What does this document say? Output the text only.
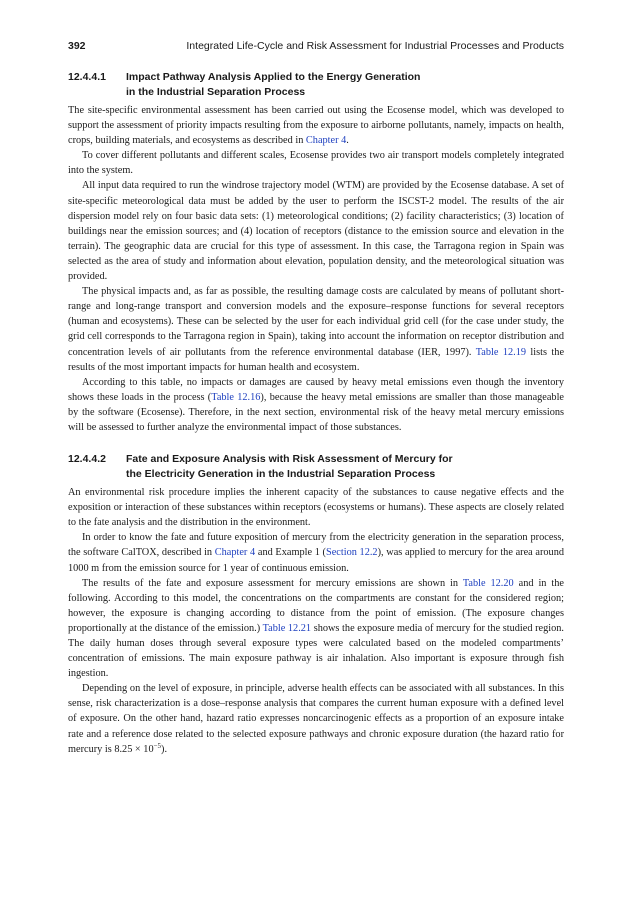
392	Integrated Life-Cycle and Risk Assessment for Industrial Processes and Products
12.4.4.1	Impact Pathway Analysis Applied to the Energy Generation
in the Industrial Separation Process

The site-specific environmental assessment has been carried out using the Ecosense model, which was developed to support the assessment of priority impacts resulting from the exposure to airborne pollutants, namely, impacts on health, crops, building materials, and ecosystems as described in Chapter 4.

To cover different pollutants and different scales, Ecosense provides two air transport models completely integrated into the system.

All input data required to run the windrose trajectory model (WTM) are provided by the Ecosense database. A set of site-specific meteorological data must be added by the user to perform the ISCST-2 model. The results of the air dispersion model rely on four basic data sets: (1) meteorological conditions; (2) facility characteristics; (3) location of buildings near the emission sources; and (4) location of receptors (distance to the emission source and elevation in the terrain). The geographic data are crucial for this type of assessment. In this case, the Tarragona region in Spain was selected as the area of study and information about elevation, population density, and the meteorological situation was provided.

The physical impacts and, as far as possible, the resulting damage costs are calculated by means of pollutant short-range and long-range transport and conversion models and the exposure–response functions for several receptors (human and ecosystems). These can be selected by the user for each individual grid cell (for the case under study, the grid cell corresponds to the Tarragona region in Spain), taking into account the information on receptor distribution and concentration levels of air pollutants from the reference environmental database (IER, 1997). Table 12.19 lists the results of the most important impacts for human health and ecosystem.

According to this table, no impacts or damages are caused by heavy metal emissions even though the inventory shows these loads in the process (Table 12.16), because the heavy metal emissions are smaller than those manageable by the software (Ecosense). Therefore, in the next section, environmental risk of the heavy metal mercury emissions will be assessed to further analyze the environmental impact of those substances.

12.4.4.2	Fate and Exposure Analysis with Risk Assessment of Mercury for
the Electricity Generation in the Industrial Separation Process

An environmental risk procedure implies the inherent capacity of the substances to cause negative effects and the exposition or interaction of these substances within receptors (ecosystems or humans). These aspects are closely related to the fate analysis and the distribution in the environment.

In order to know the fate and future exposition of mercury from the electricity generation in the separation process, the software CalTOX, described in Chapter 4 and Example 1 (Section 12.2), was applied to mercury for the area around 1000 m from the emission source for 1 year of continuous emission.

The results of the fate and exposure assessment for mercury emissions are shown in Table 12.20 and in the following. According to this model, the concentrations on the compartments are constant for the considered region; however, the exposure is changing according to distance from the point of emission. (The exposure changes proportionally at the distance of the emission.) Table 12.21 shows the exposure media of mercury for the studied region. The daily human doses through several exposure types were calculated based on the modeled compartments’ concentration of emissions. The main exposure pathway is air inhalation. Also important is exposure through fish ingestion.

Depending on the level of exposure, in principle, adverse health effects can be associated with all substances. In this sense, risk characterization is a dose–response analysis that compares the current human exposure with a defined level of exposure. On the other hand, hazard ratio expresses noncarcinogenic effects as a proportion of an exposure intake rate and a reference dose related to the selected exposure pathways and chronic exposure duration (the hazard ratio for mercury is $8.25 \times 10^{-5}$).
